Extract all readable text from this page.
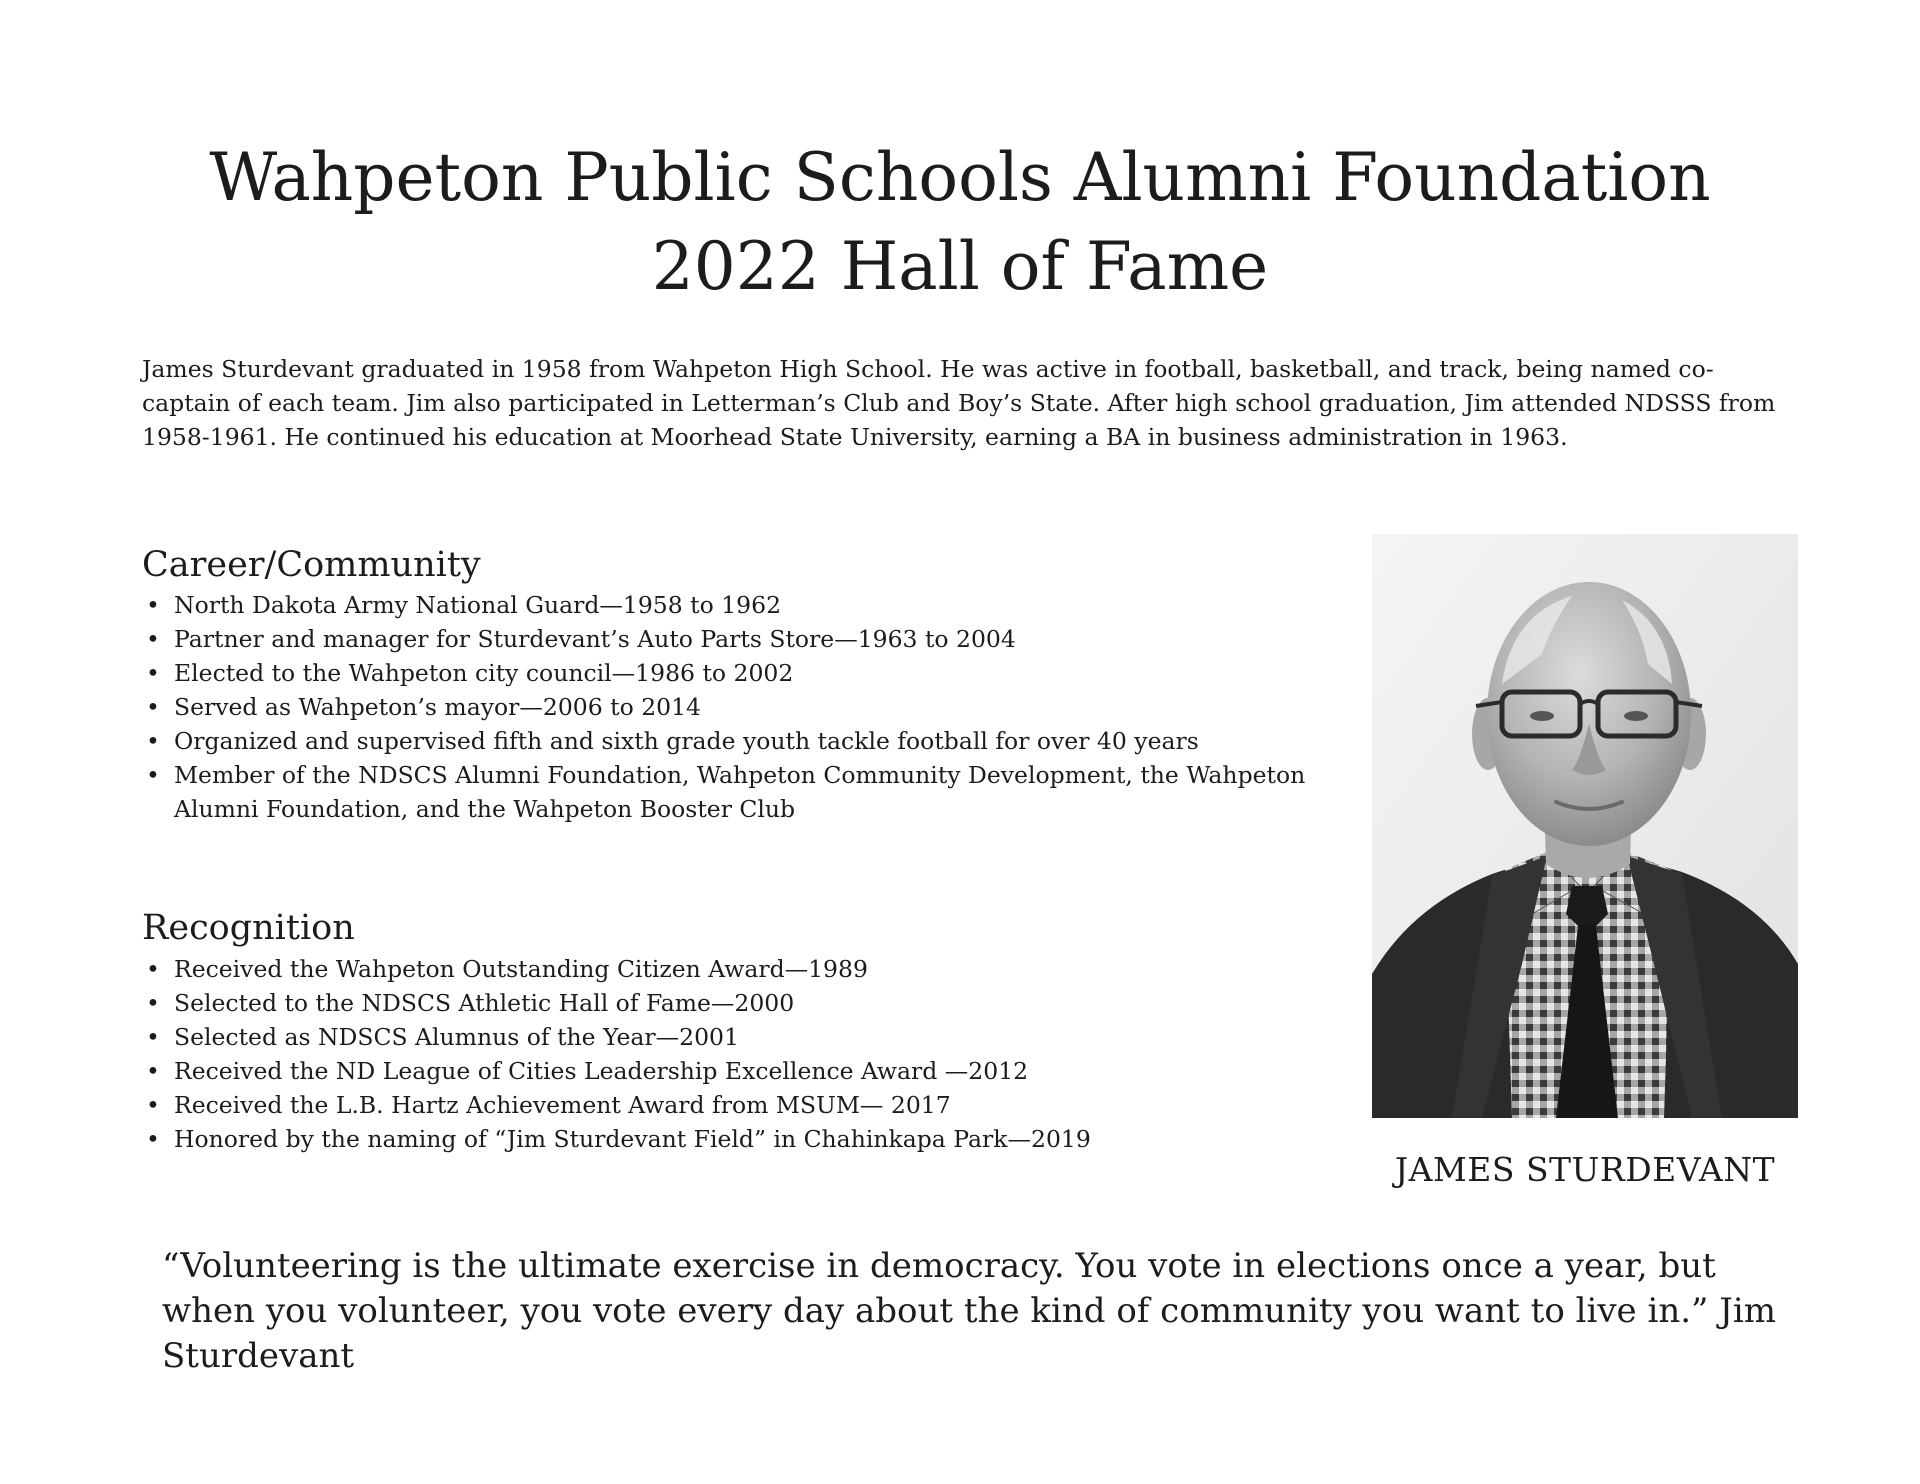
Wahpeton Public Schools Alumni Foundation
2022 Hall of Fame

James Sturdevant graduated in 1958 from Wahpeton High School. He was active in football, basketball, and track, being named co-captain of each team. Jim also participated in Letterman’s Club and Boy’s State. After high school graduation, Jim attended NDSSS from 1958-1961. He continued his education at Moorhead State University, earning a BA in business administration in 1963.

Career/Community
• North Dakota Army National Guard—1958 to 1962
• Partner and manager for Sturdevant’s Auto Parts Store—1963 to 2004
• Elected to the Wahpeton city council—1986 to 2002
• Served as Wahpeton’s mayor—2006 to 2014
• Organized and supervised fifth and sixth grade youth tackle football for over 40 years
• Member of the NDSCS Alumni Foundation, Wahpeton Community Development, the Wahpeton Alumni Foundation, and the Wahpeton Booster Club
Recognition
• Received the Wahpeton Outstanding Citizen Award—1989
• Selected to the NDSCS Athletic Hall of Fame—2000
• Selected as NDSCS Alumnus of the Year—2001
• Received the ND League of Cities Leadership Excellence Award —2012
• Received the L.B. Hartz Achievement Award from MSUM— 2017
• Honored by the naming of “Jim Sturdevant Field” in Chahinkapa Park—2019

JAMES STURDEVANT

“Volunteering is the ultimate exercise in democracy. You vote in elections once a year, but when you volunteer, you vote every day about the kind of community you want to live in.” Jim Sturdevant
